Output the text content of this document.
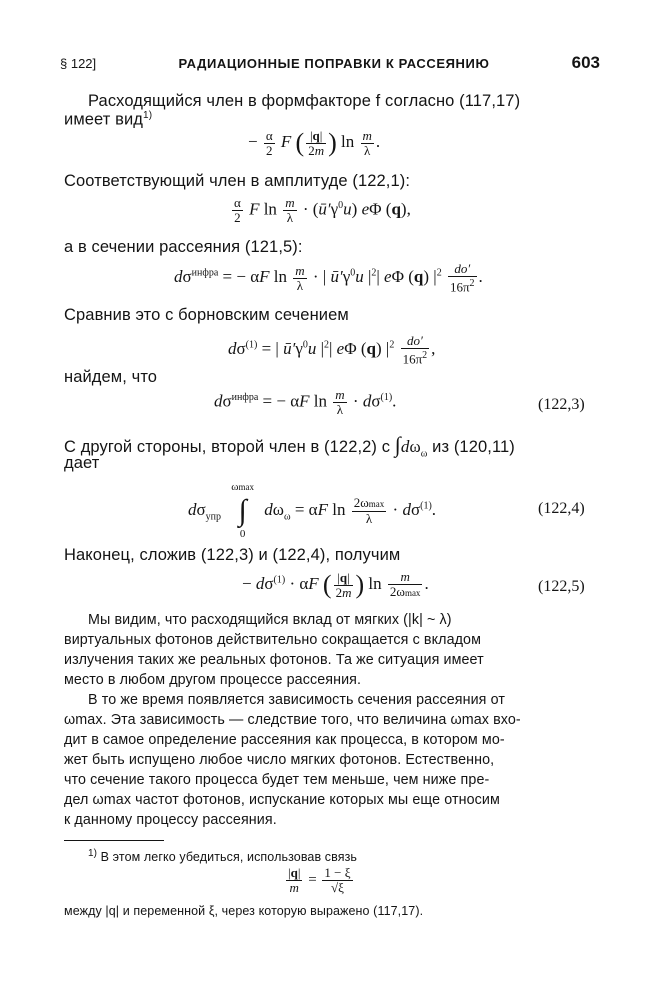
§ 122]	РАДИАЦИОННЫЕ ПОПРАВКИ К РАССЕЯНИЮ	603
Расходящийся член в формфакторе f согласно (117,17)
имеет вид$^{1)}$
− $\frac{\alpha}{2}$ F ( $\frac{|q|}{2m}$ ) $\ln \frac{m}{\lambda}$ .
Соответствующий член в амплитуде (122,1):
$\frac{\alpha}{2}$ F $\ln \frac{m}{\lambda}$ · $(ū'\gamma^0u)$ eΦ (q),
а в сечении рассеяния (121,5):
$d\sigma^{инфра}$ = − αF $\ln \frac{m}{\lambda}$ · | $ū'\gamma^0u$ $|^2|$ eΦ (q) $|^2 \frac{do'}{16\pi^2}$ .
Сравнив это с борновским сечением
$d\sigma^{(1)}$ = | $ū'\gamma^0u$ $|^2|$ eΦ (q) $|^2 \frac{do'}{16\pi^2}$ ,
найдем, что
$d\sigma^{инфра}$ = − αF $\ln \frac{m}{\lambda} \cdot d\sigma^{(1)}$.	(122,3)
С другой стороны, второй член в (122,2) с $\int d\omega_\omega$ из (120,11)
дает
$d\sigma_{упр}$
ωmax
∫
0
$d\omega_\omega = \alpha F$ $\ln \frac{2\omega\max}{\lambda} \cdot d\sigma^{(1)}$.	(122,4)
Наконец, сложив (122,3) и (122,4), получим
− $d\sigma^{(1)} \cdot \alpha F$ ( $\frac{|q|}{2m}$ ) $\ln \frac{m}{2\omega\max}$ .	(122,5)
Мы видим, что расходящийся вклад от мягких (|k| ~ λ)
виртуальных фотонов действительно сокращается с вкладом
излучения таких же реальных фотонов. Та же ситуация имеет
место в любом другом процессе рассеяния.
В то же время появляется зависимость сечения рассеяния от
ωmax. Эта зависимость — следствие того, что величина ωmax вхо-
дит в самое определение рассеяния как процесса, в котором мо-
жет быть испущено любое число мягких фотонов. Естественно,
что сечение такого процесса будет тем меньше, чем ниже пре-
дел ωmax частот фотонов, испускание которых мы еще относим
к данному процессу рассеяния.
$^{1)}$ В этом легко убедиться, использовав связь
$\frac{|q|}{m} = \frac{1 - \xi}{√\xi}$
между |q| и переменной ξ, через которую выражено (117,17).
